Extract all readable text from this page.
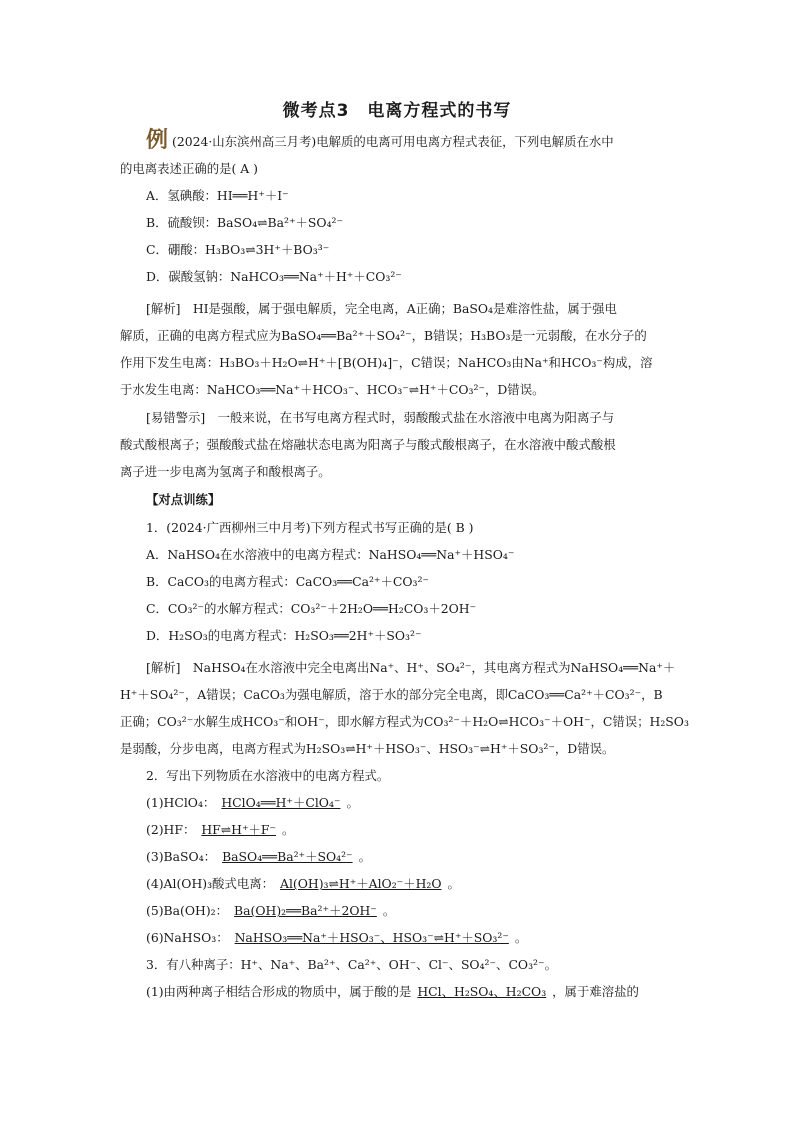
微考点3　电离方程式的书写
例 (2024·山东滨州高三月考)电解质的电离可用电离方程式表征，下列电解质在水中
的电离表述正确的是( A )
A．氢碘酸：HI══H⁺＋I⁻
B．硫酸钡：BaSO₄⇌Ba²⁺＋SO₄²⁻
C．硼酸：H₃BO₃⇌3H⁺＋BO₃³⁻
D．碳酸氢钠：NaHCO₃══Na⁺＋H⁺＋CO₃²⁻
[解析]　HI是强酸，属于强电解质，完全电离，A正确；BaSO₄是难溶性盐，属于强电
解质，正确的电离方程式应为BaSO₄══Ba²⁺＋SO₄²⁻，B错误；H₃BO₃是一元弱酸，在水分子的
作用下发生电离：H₃BO₃＋H₂O⇌H⁺＋[B(OH)₄]⁻，C错误；NaHCO₃由Na⁺和HCO₃⁻构成，溶
于水发生电离：NaHCO₃══Na⁺＋HCO₃⁻、HCO₃⁻⇌H⁺＋CO₃²⁻，D错误。
[易错警示]　一般来说，在书写电离方程式时，弱酸酸式盐在水溶液中电离为阳离子与
酸式酸根离子；强酸酸式盐在熔融状态电离为阳离子与酸式酸根离子，在水溶液中酸式酸根
离子进一步电离为氢离子和酸根离子。
【对点训练】
1．(2024·广西柳州三中月考)下列方程式书写正确的是( B )
A．NaHSO₄在水溶液中的电离方程式：NaHSO₄══Na⁺＋HSO₄⁻
B．CaCO₃的电离方程式：CaCO₃══Ca²⁺＋CO₃²⁻
C．CO₃²⁻的水解方程式：CO₃²⁻＋2H₂O══H₂CO₃＋2OH⁻
D．H₂SO₃的电离方程式：H₂SO₃══2H⁺＋SO₃²⁻
[解析]　NaHSO₄在水溶液中完全电离出Na⁺、H⁺、SO₄²⁻，其电离方程式为NaHSO₄══Na⁺＋
H⁺＋SO₄²⁻，A错误；CaCO₃为强电解质，溶于水的部分完全电离，即CaCO₃══Ca²⁺＋CO₃²⁻，B
正确；CO₃²⁻水解生成HCO₃⁻和OH⁻，即水解方程式为CO₃²⁻＋H₂O⇌HCO₃⁻＋OH⁻，C错误；H₂SO₃
是弱酸，分步电离，电离方程式为H₂SO₃⇌H⁺＋HSO₃⁻、HSO₃⁻⇌H⁺＋SO₃²⁻，D错误。
2．写出下列物质在水溶液中的电离方程式。
(1)HClO₄： HClO₄══H⁺＋ClO₄⁻ 。
(2)HF： HF⇌H⁺＋F⁻ 。
(3)BaSO₄： BaSO₄══Ba²⁺＋SO₄²⁻ 。
(4)Al(OH)₃酸式电离： Al(OH)₃⇌H⁺＋AlO₂⁻＋H₂O 。
(5)Ba(OH)₂： Ba(OH)₂══Ba²⁺＋2OH⁻ 。
(6)NaHSO₃： NaHSO₃══Na⁺＋HSO₃⁻、HSO₃⁻⇌H⁺＋SO₃²⁻ 。
3．有八种离子：H⁺、Na⁺、Ba²⁺、Ca²⁺、OH⁻、Cl⁻、SO₄²⁻、CO₃²⁻。
(1)由两种离子相结合形成的物质中，属于酸的是 HCl、H₂SO₄、H₂CO₃ ，属于难溶盐的
